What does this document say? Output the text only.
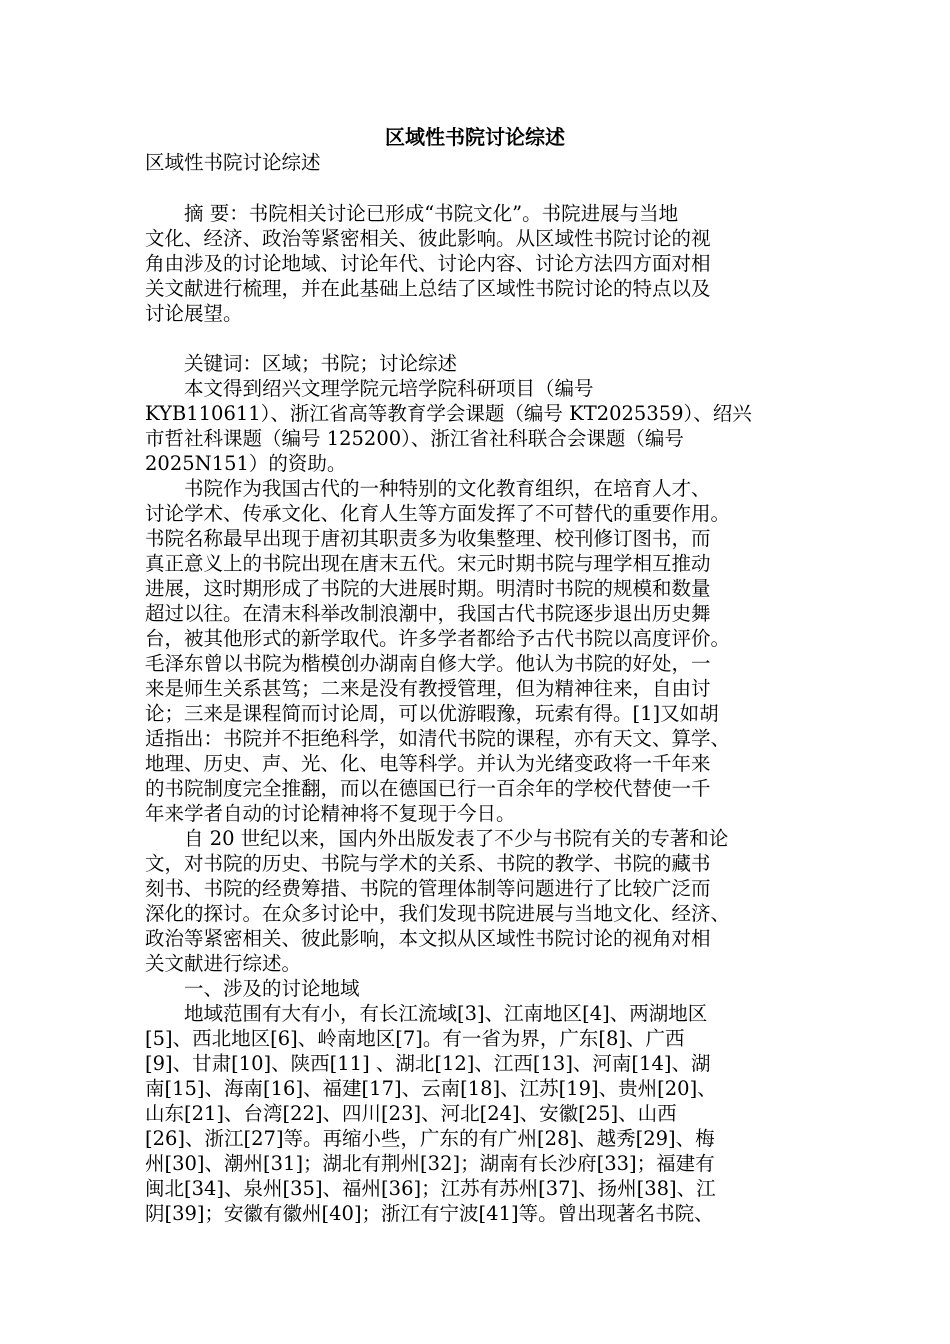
区域性书院讨论综述
区域性书院讨论综述
　　摘 要：书院相关讨论已形成“书院文化”。书院进展与当地
文化、经济、政治等紧密相关、彼此影响。从区域性书院讨论的视
角由涉及的讨论地域、讨论年代、讨论内容、讨论方法四方面对相
关文献进行梳理，并在此基础上总结了区域性书院讨论的特点以及
讨论展望。
　　关键词：区域；书院；讨论综述
　　本文得到绍兴文理学院元培学院科研项目（编号
KYB110611）、浙江省高等教育学会课题（编号 KT2025359）、绍兴
市哲社科课题（编号 125200）、浙江省社科联合会课题（编号
2025N151）的资助。
　　书院作为我国古代的一种特别的文化教育组织，在培育人才、
讨论学术、传承文化、化育人生等方面发挥了不可替代的重要作用。
书院名称最早出现于唐初其职责多为收集整理、校刊修订图书，而
真正意义上的书院出现在唐末五代。宋元时期书院与理学相互推动
进展，这时期形成了书院的大进展时期。明清时书院的规模和数量
超过以往。在清末科举改制浪潮中，我国古代书院逐步退出历史舞
台，被其他形式的新学取代。许多学者都给予古代书院以高度评价。
毛泽东曾以书院为楷模创办湖南自修大学。他认为书院的好处，一
来是师生关系甚笃；二来是没有教授管理，但为精神往来，自由讨
论；三来是课程简而讨论周，可以优游暇豫，玩索有得。[1]又如胡
适指出：书院并不拒绝科学，如清代书院的课程，亦有天文、算学、
地理、历史、声、光、化、电等科学。并认为光绪变政将一千年来
的书院制度完全推翻，而以在德国已行一百余年的学校代替使一千
年来学者自动的讨论精神将不复现于今日。
　　自 20 世纪以来，国内外出版发表了不少与书院有关的专著和论
文，对书院的历史、书院与学术的关系、书院的教学、书院的藏书
刻书、书院的经费筹措、书院的管理体制等问题进行了比较广泛而
深化的探讨。在众多讨论中，我们发现书院进展与当地文化、经济、
政治等紧密相关、彼此影响，本文拟从区域性书院讨论的视角对相
关文献进行综述。
　　一、涉及的讨论地域
　　地域范围有大有小，有长江流域[3]、江南地区[4]、两湖地区
[5]、西北地区[6]、岭南地区[7]。有一省为界，广东[8]、广西
[9]、甘肃[10]、陕西[11] 、湖北[12]、江西[13]、河南[14]、湖
南[15]、海南[16]、福建[17]、云南[18]、江苏[19]、贵州[20]、
山东[21]、台湾[22]、四川[23]、河北[24]、安徽[25]、山西
[26]、浙江[27]等。再缩小些，广东的有广州[28]、越秀[29]、梅
州[30]、潮州[31]；湖北有荆州[32]；湖南有长沙府[33]；福建有
闽北[34]、泉州[35]、福州[36]；江苏有苏州[37]、扬州[38]、江
阴[39]；安徽有徽州[40]；浙江有宁波[41]等。曾出现著名书院、
